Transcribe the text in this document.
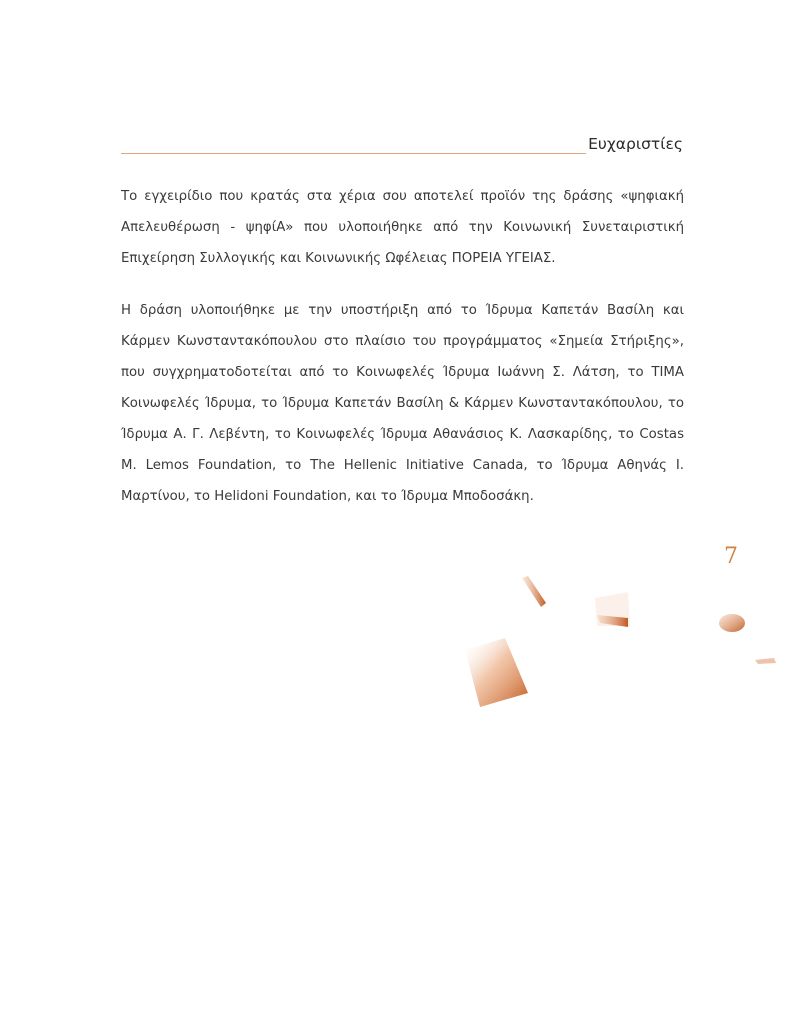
Ευχαριστίες

Το εγχειρίδιο που κρατάς στα χέρια σου αποτελεί προϊόν της δράσης «ψηφιακή Απελευθέρωση - ψηφίΑ» που υλοποιήθηκε από την Κοινωνική Συνεταιριστική Επιχείρηση Συλλογικής και Κοινωνικής Ωφέλειας ΠΟΡΕΙΑ ΥΓΕΙΑΣ.

Η δράση υλοποιήθηκε με την υποστήριξη από το Ίδρυμα Καπετάν Βασίλη και Κάρμεν Κωνσταντακόπουλου στο πλαίσιο του προγράμματος «Σημεία Στήριξης», που συγχρηματοδοτείται από το Κοινωφελές Ίδρυμα Ιωάννη Σ. Λάτση, το TIMA Κοινωφελές Ίδρυμα, το Ίδρυμα Καπετάν Βασίλη & Κάρμεν Κωνσταντακόπουλου, το Ίδρυμα Α. Γ. Λεβέντη, το Κοινωφελές Ίδρυμα Αθανάσιος Κ. Λασκαρίδης, το Costas M. Lemos Foundation, το The Hellenic Initiative Canada, το Ίδρυμα Αθηνάς Ι. Μαρτίνου, το Helidoni Foundation, και το Ίδρυμα Μποδοσάκη.

7
